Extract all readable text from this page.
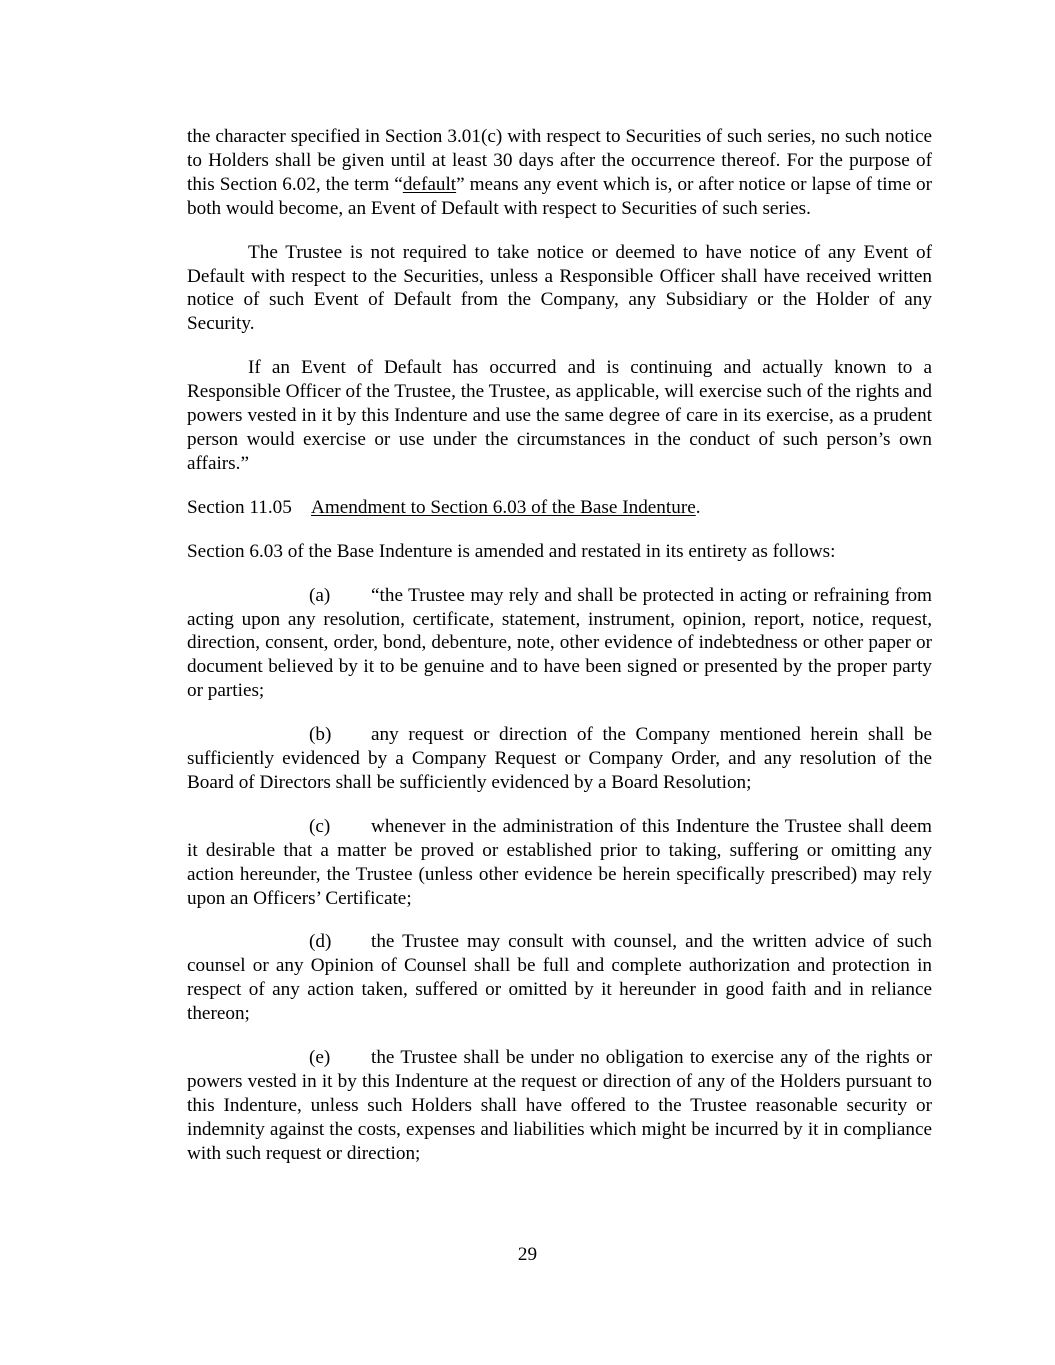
the character specified in Section 3.01(c) with respect to Securities of such series, no such notice to Holders shall be given until at least 30 days after the occurrence thereof. For the purpose of this Section 6.02, the term “default” means any event which is, or after notice or lapse of time or both would become, an Event of Default with respect to Securities of such series.

The Trustee is not required to take notice or deemed to have notice of any Event of Default with respect to the Securities, unless a Responsible Officer shall have received written notice of such Event of Default from the Company, any Subsidiary or the Holder of any Security.

If an Event of Default has occurred and is continuing and actually known to a Responsible Officer of the Trustee, the Trustee, as applicable, will exercise such of the rights and powers vested in it by this Indenture and use the same degree of care in its exercise, as a prudent person would exercise or use under the circumstances in the conduct of such person’s own affairs.”

Section 11.05 Amendment to Section 6.03 of the Base Indenture.

Section 6.03 of the Base Indenture is amended and restated in its entirety as follows:

(a) “the Trustee may rely and shall be protected in acting or refraining from acting upon any resolution, certificate, statement, instrument, opinion, report, notice, request, direction, consent, order, bond, debenture, note, other evidence of indebtedness or other paper or document believed by it to be genuine and to have been signed or presented by the proper party or parties;

(b) any request or direction of the Company mentioned herein shall be sufficiently evidenced by a Company Request or Company Order, and any resolution of the Board of Directors shall be sufficiently evidenced by a Board Resolution;

(c) whenever in the administration of this Indenture the Trustee shall deem it desirable that a matter be proved or established prior to taking, suffering or omitting any action hereunder, the Trustee (unless other evidence be herein specifically prescribed) may rely upon an Officers’ Certificate;

(d) the Trustee may consult with counsel, and the written advice of such counsel or any Opinion of Counsel shall be full and complete authorization and protection in respect of any action taken, suffered or omitted by it hereunder in good faith and in reliance thereon;

(e) the Trustee shall be under no obligation to exercise any of the rights or powers vested in it by this Indenture at the request or direction of any of the Holders pursuant to this Indenture, unless such Holders shall have offered to the Trustee reasonable security or indemnity against the costs, expenses and liabilities which might be incurred by it in compliance with such request or direction;

29
